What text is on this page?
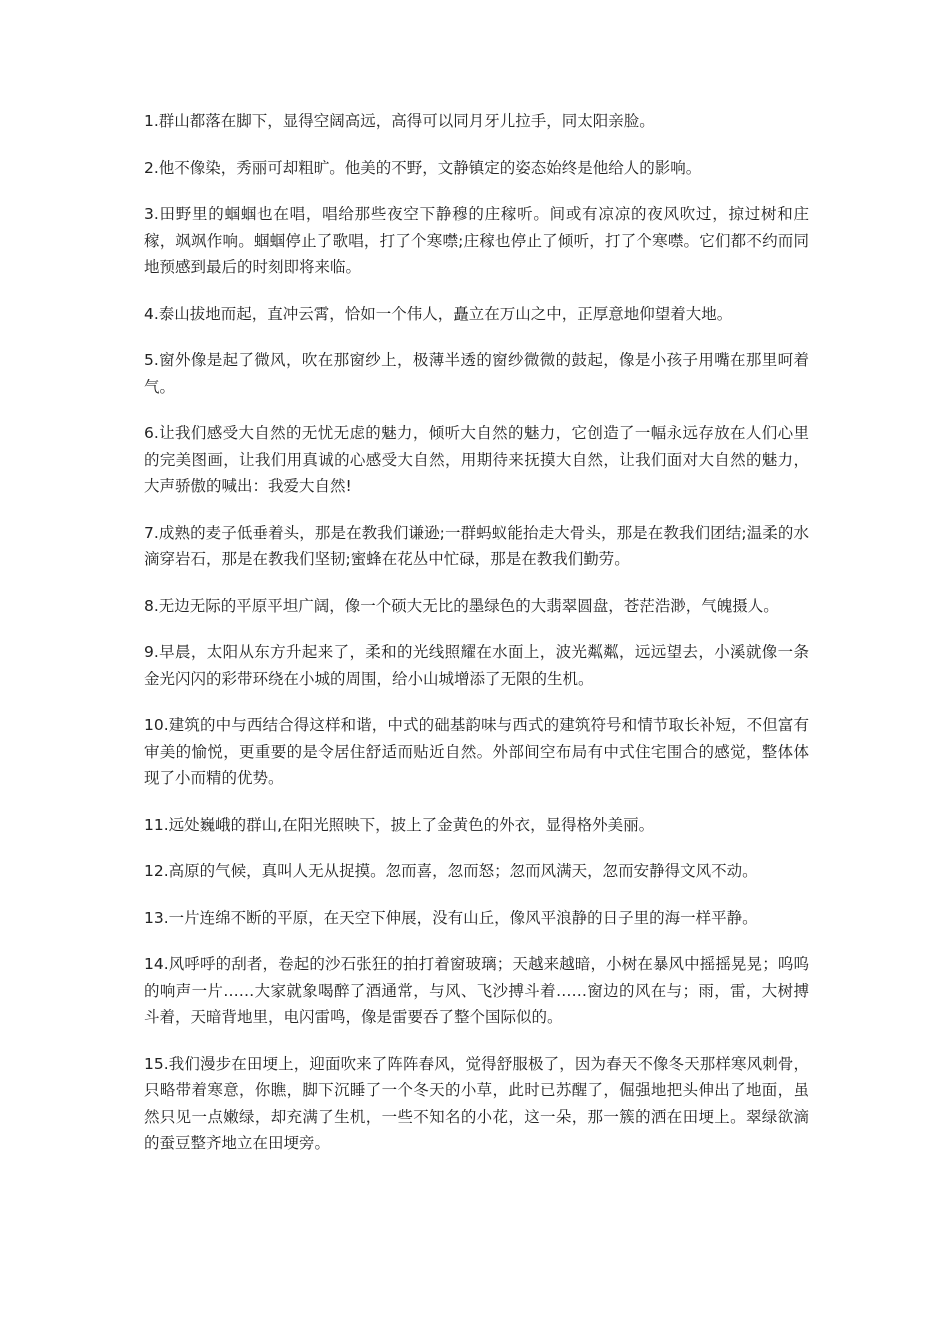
1.群山都落在脚下，显得空阔高远，高得可以同月牙儿拉手，同太阳亲脸。

2.他不像染，秀丽可却粗旷。他美的不野，文静镇定的姿态始终是他给人的影响。

3.田野里的蝈蝈也在唱，唱给那些夜空下静穆的庄稼听。间或有凉凉的夜风吹过，掠过树和庄稼，飒飒作响。蝈蝈停止了歌唱，打了个寒噤;庄稼也停止了倾听，打了个寒噤。它们都不约而同地预感到最后的时刻即将来临。

4.泰山拔地而起，直冲云霄，恰如一个伟人，矗立在万山之中，正厚意地仰望着大地。

5.窗外像是起了微风，吹在那窗纱上，极薄半透的窗纱微微的鼓起，像是小孩子用嘴在那里呵着气。

6.让我们感受大自然的无忧无虑的魅力，倾听大自然的魅力，它创造了一幅永远存放在人们心里的完美图画，让我们用真诚的心感受大自然，用期待来抚摸大自然，让我们面对大自然的魅力，大声骄傲的喊出：我爱大自然!

7.成熟的麦子低垂着头，那是在教我们谦逊;一群蚂蚁能抬走大骨头，那是在教我们团结;温柔的水滴穿岩石，那是在教我们坚韧;蜜蜂在花丛中忙碌，那是在教我们勤劳。

8.无边无际的平原平坦广阔，像一个硕大无比的墨绿色的大翡翠圆盘，苍茫浩渺，气魄摄人。

9.早晨，太阳从东方升起来了，柔和的光线照耀在水面上，波光粼粼，远远望去，小溪就像一条金光闪闪的彩带环绕在小城的周围，给小山城增添了无限的生机。

10.建筑的中与西结合得这样和谐，中式的础基韵味与西式的建筑符号和情节取长补短，不但富有审美的愉悦，更重要的是令居住舒适而贴近自然。外部间空布局有中式住宅围合的感觉，整体体现了小而精的优势。

11.远处巍峨的群山,在阳光照映下，披上了金黄色的外衣，显得格外美丽。

12.高原的气候，真叫人无从捉摸。忽而喜，忽而怒；忽而风满天，忽而安静得文风不动。

13.一片连绵不断的平原，在天空下伸展，没有山丘，像风平浪静的日子里的海一样平静。

14.风呼呼的刮者，卷起的沙石张狂的拍打着窗玻璃；天越来越暗，小树在暴风中摇摇晃晃；呜呜的响声一片……大家就象喝醉了酒通常，与风、飞沙搏斗着……窗边的风在与；雨，雷，大树搏斗着，天暗背地里，电闪雷鸣，像是雷要吞了整个国际似的。

15.我们漫步在田埂上，迎面吹来了阵阵春风，觉得舒服极了，因为春天不像冬天那样寒风刺骨，只略带着寒意，你瞧，脚下沉睡了一个冬天的小草，此时已苏醒了，倔强地把头伸出了地面，虽然只见一点嫩绿，却充满了生机，一些不知名的小花，这一朵，那一簇的洒在田埂上。翠绿欲滴的蚕豆整齐地立在田埂旁。
